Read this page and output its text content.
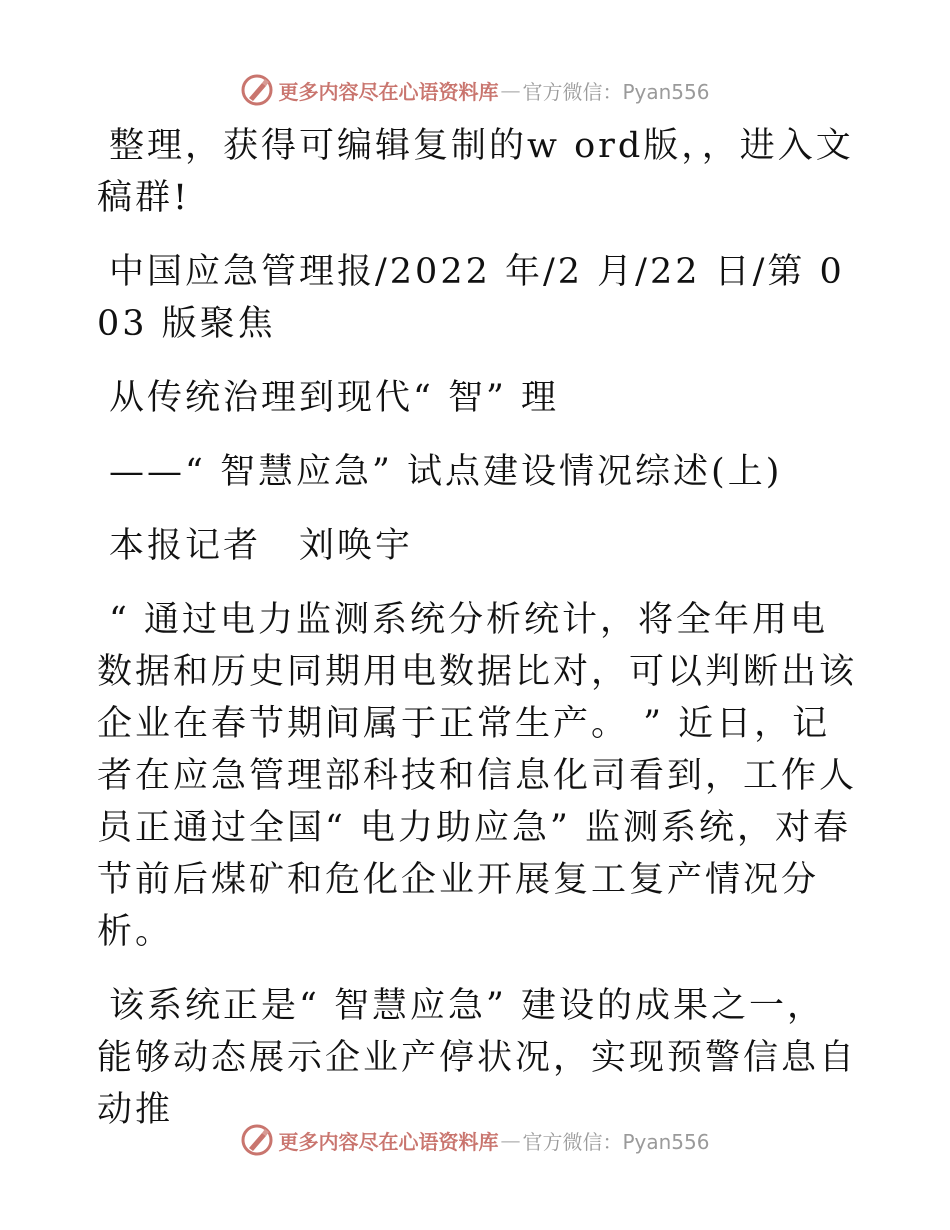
更多内容尽在心语资料库 — 官方微信：Pyan556

整理，获得可编辑复制的w ord版，，进入文稿群!

中国应急管理报/2022 年/2 月/22 日/第 003 版聚焦

从传统治理到现代“ 智” 理

——“ 智慧应急” 试点建设情况综述(上)

本报记者　刘唤宇

“ 通过电力监测系统分析统计，将全年用电数据和历史同期用电数据比对，可以判断出该企业在春节期间属于正常生产。 ” 近日，记者在应急管理部科技和信息化司看到，工作人员正通过全国“ 电力助应急” 监测系统，对春节前后煤矿和危化企业开展复工复产情况分析。

该系统正是“ 智慧应急” 建设的成果之一，能够动态展示企业产停状况，实现预警信息自动推

更多内容尽在心语资料库 — 官方微信：Pyan556
